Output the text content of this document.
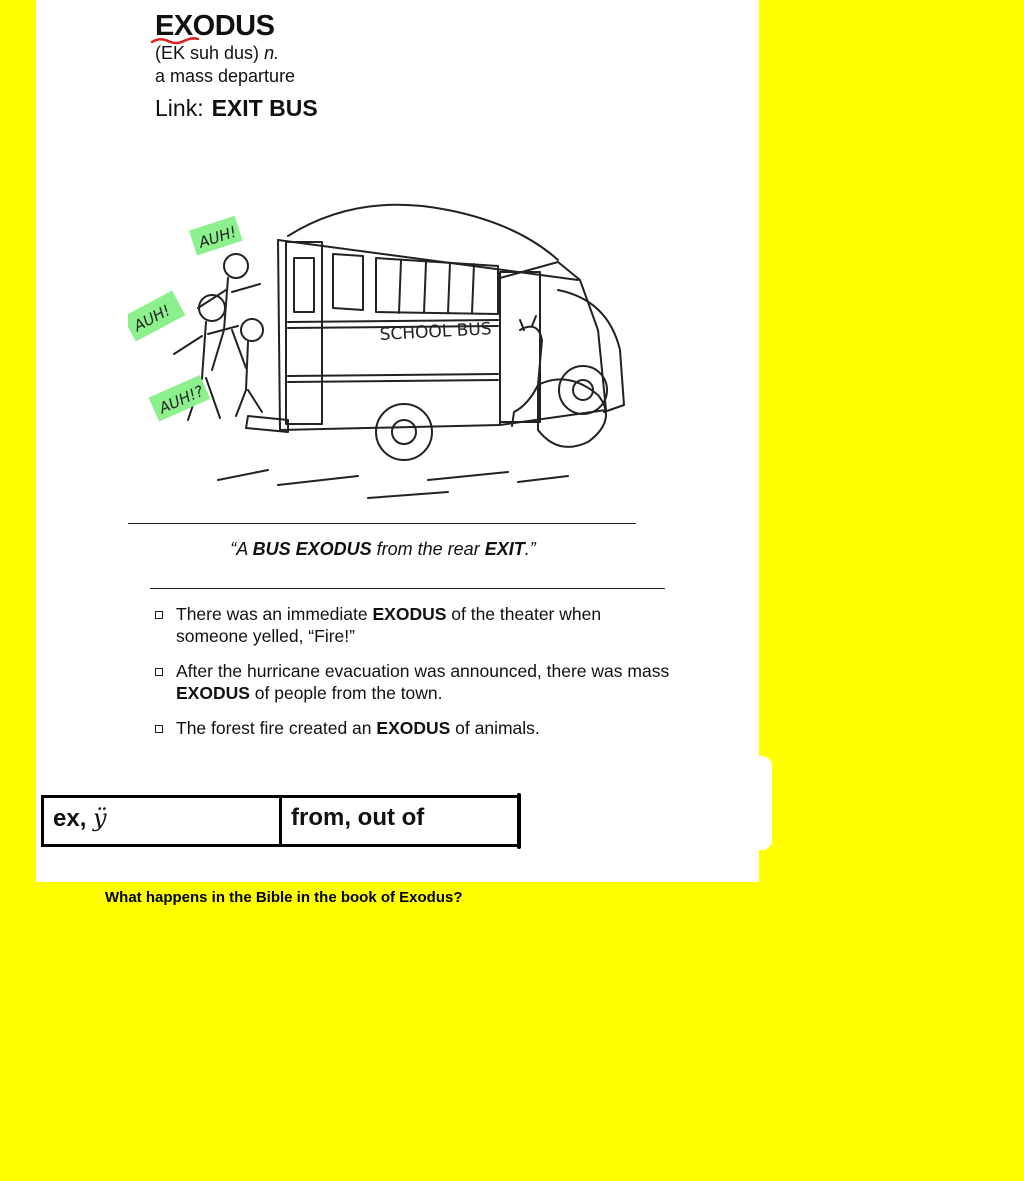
EXODUS
(EK suh dus) n.
a mass departure
Link: EXIT BUS
SCHOOL BUS
AUH!
AUH!
AUH!?
“A BUS EXODUS from the rear EXIT.”
There was an immediate EXODUS of the theater when someone yelled, “Fire!”
After the hurricane evacuation was announced, there was mass EXODUS of people from the town.
The forest fire created an EXODUS of animals.
ex, ÿ	from, out of
What happens in the Bible in the book of Exodus?
